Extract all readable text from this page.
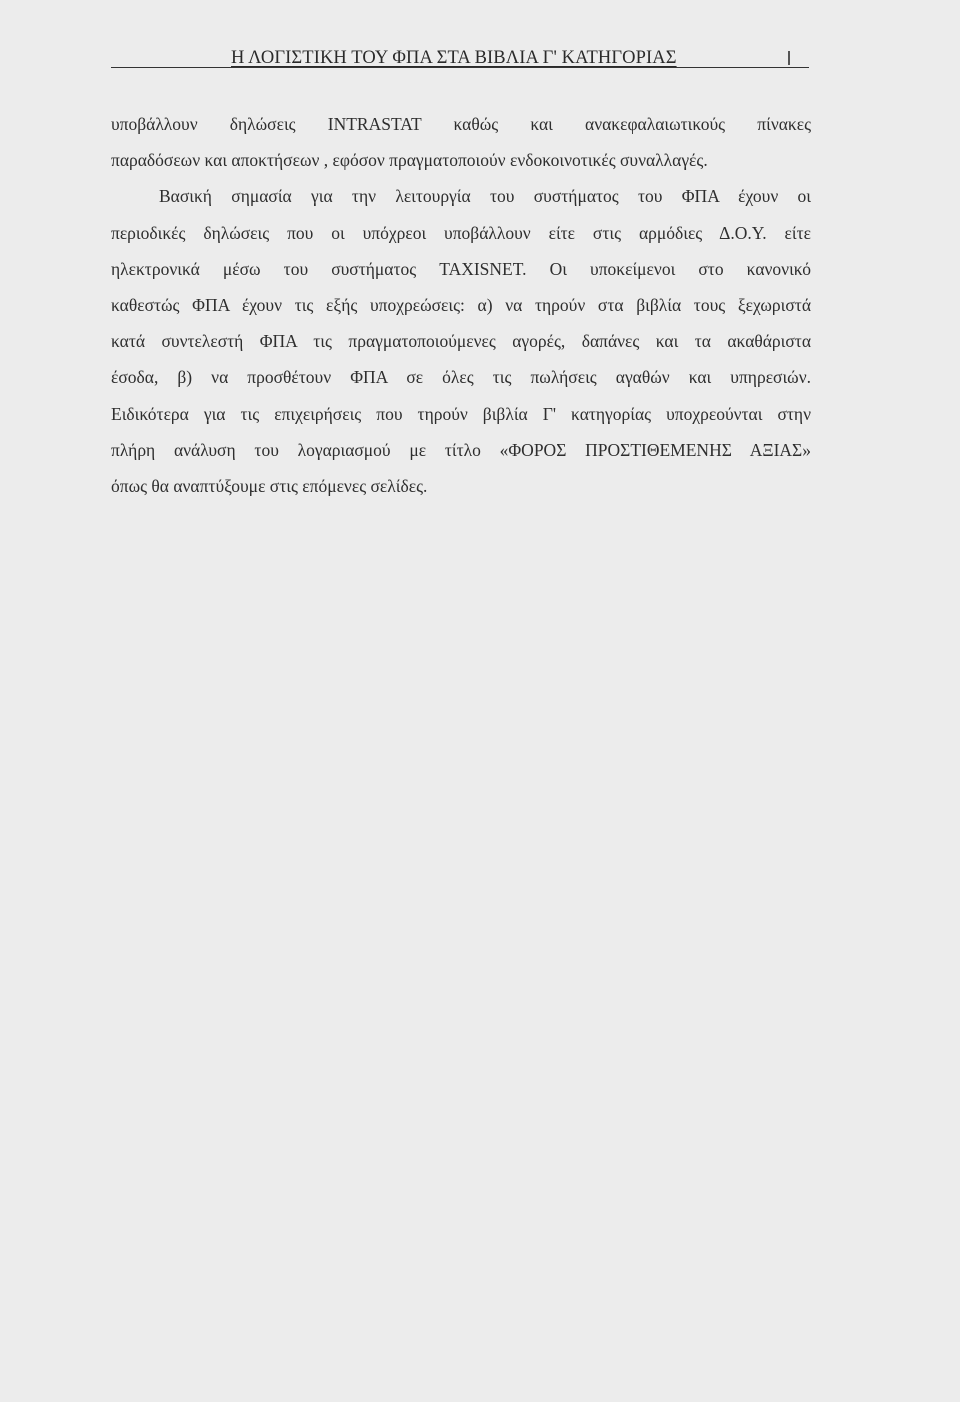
Η ΛΟΓΙΣΤΙΚΗ ΤΟΥ ΦΠΑ ΣΤΑ ΒΙΒΛΙΑ Γ' ΚΑΤΗΓΟΡΙΑΣ
υποβάλλουν δηλώσεις INTRASTAT καθώς και ανακεφαλαιωτικούς πίνακες
παραδόσεων και αποκτήσεων , εφόσον πραγματοποιούν ενδοκοινοτικές συναλλαγές.
Βασική σημασία για την λειτουργία του συστήματος του ΦΠΑ έχουν οι
περιοδικές δηλώσεις που οι υπόχρεοι υποβάλλουν είτε στις αρμόδιες Δ.Ο.Υ. είτε
ηλεκτρονικά μέσω του συστήματος TAXISNET. Οι υποκείμενοι στο κανονικό
καθεστώς ΦΠΑ έχουν τις εξής υποχρεώσεις: α) να τηρούν στα βιβλία τους ξεχωριστά
κατά συντελεστή ΦΠΑ τις πραγματοποιούμενες αγορές, δαπάνες και τα ακαθάριστα
έσοδα, β) να προσθέτουν ΦΠΑ σε όλες τις πωλήσεις αγαθών και υπηρεσιών.
Ειδικότερα για τις επιχειρήσεις που τηρούν βιβλία Γ' κατηγορίας υποχρεούνται στην
πλήρη ανάλυση του λογαριασμού με τίτλο «ΦΟΡΟΣ ΠΡΟΣΤΙΘΕΜΕΝΗΣ ΑΞΙΑΣ»
όπως θα αναπτύξουμε στις επόμενες σελίδες.
